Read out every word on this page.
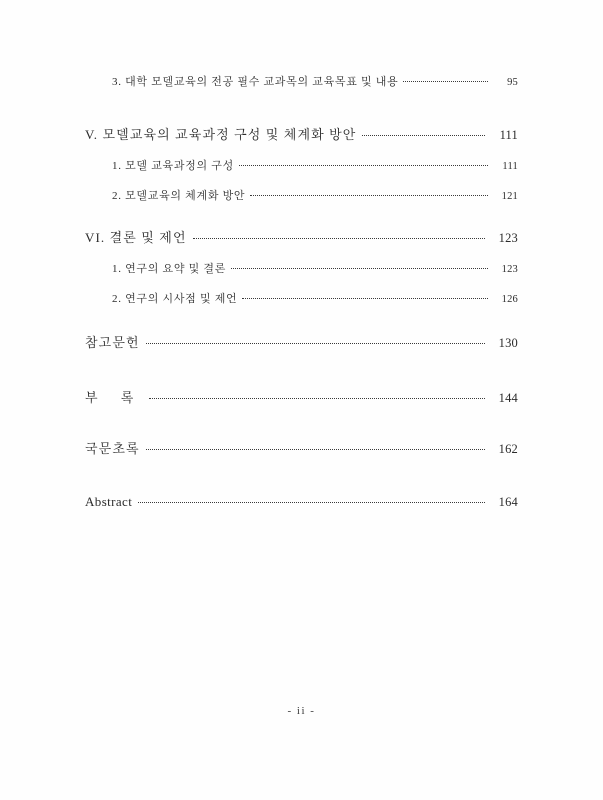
3. 대학 모델교육의 전공 필수 교과목의 교육목표 및 내용	95
V. 모델교육의 교육과정 구성 및 체계화 방안	111
1. 모델 교육과정의 구성	111
2. 모델교육의 체계화 방안	121
VI. 결론 및 제언	123
1. 연구의 요약 및 결론	123
2. 연구의 시사점 및 제언	126
참고문헌	130
부 록	144
국문초록	162
Abstract	164
- ii -
